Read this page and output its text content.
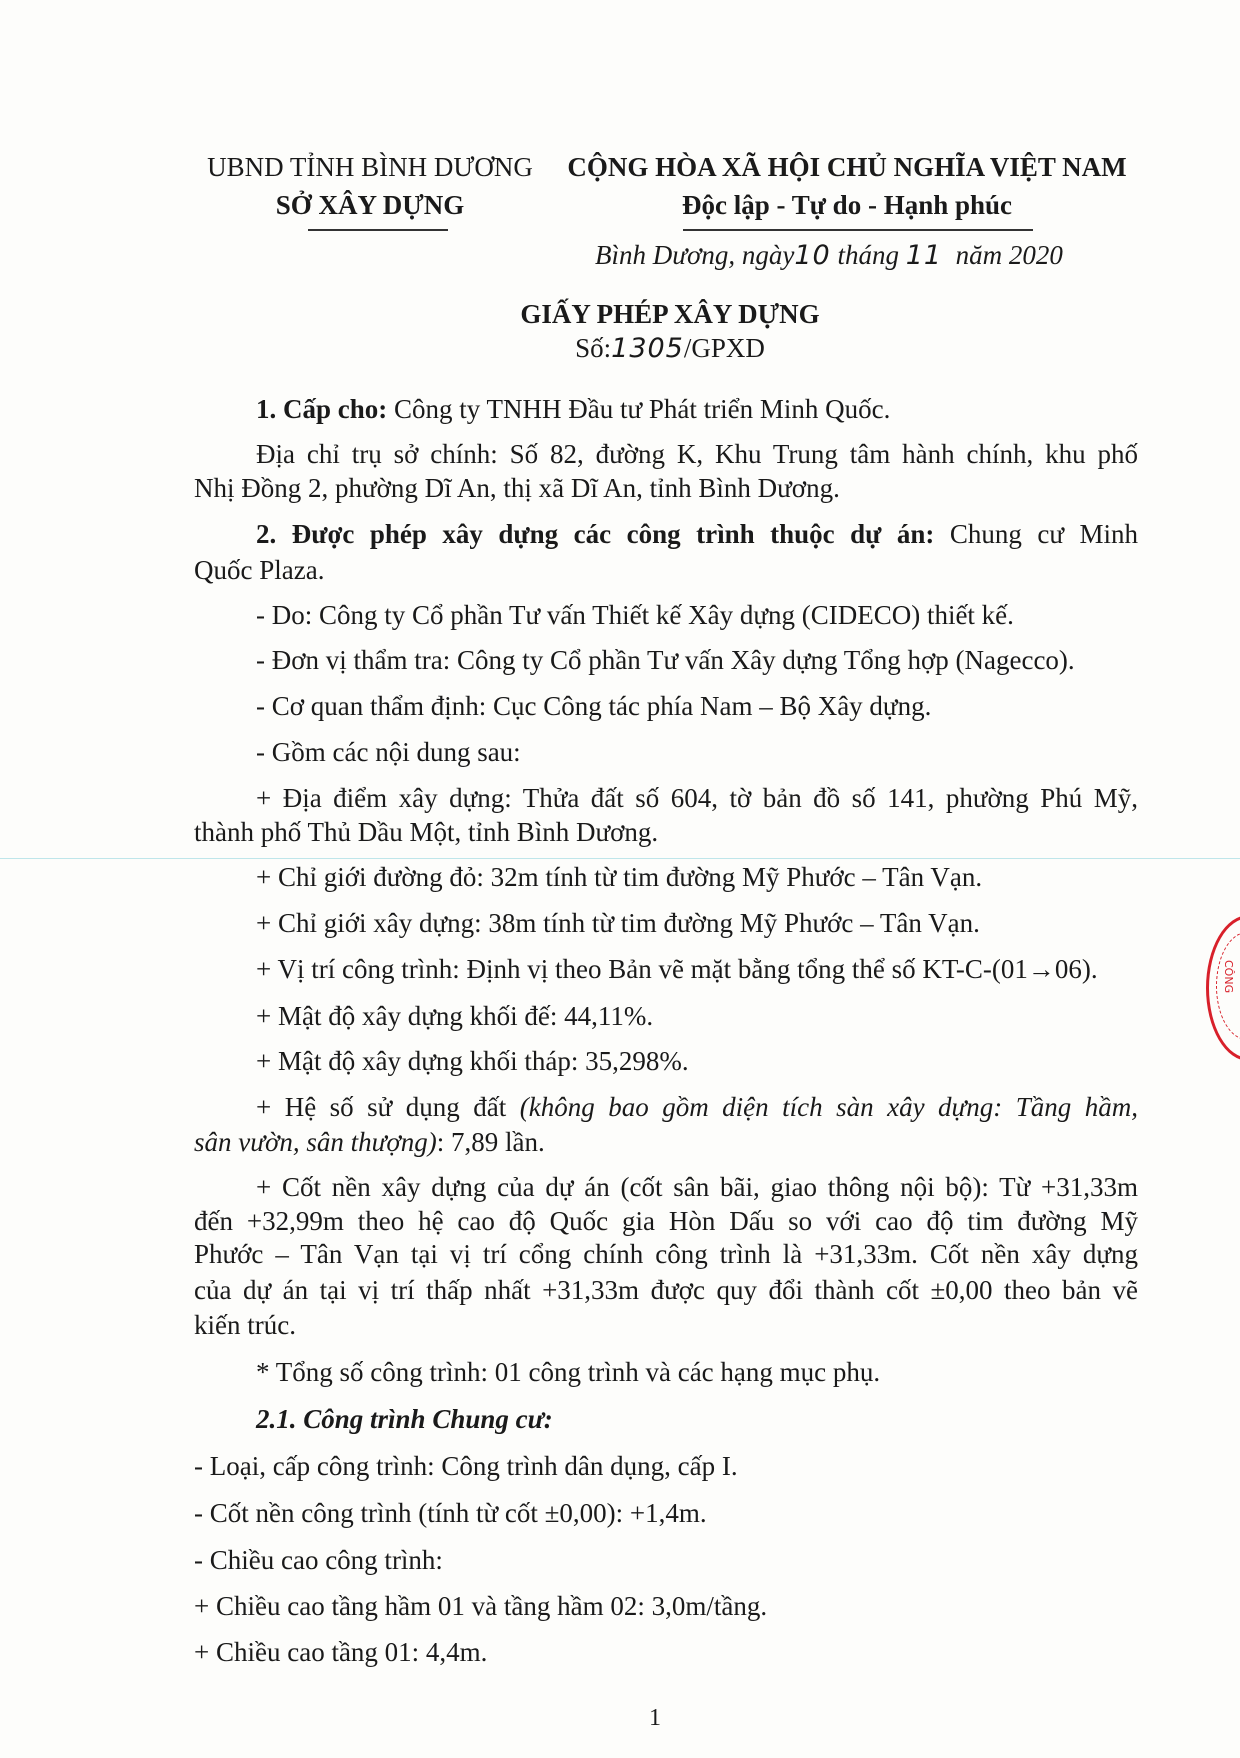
UBND TỈNH BÌNH DƯƠNG
SỞ XÂY DỰNG
CỘNG HÒA XÃ HỘI CHỦ NGHĨA VIỆT NAM
Độc lập - Tự do - Hạnh phúc
Bình Dương, ngày10 tháng 11 năm 2020
GIẤY PHÉP XÂY DỰNG
Số:1305/GPXD
1. Cấp cho: Công ty TNHH Đầu tư Phát triển Minh Quốc.
Địa chỉ trụ sở chính: Số 82, đường K, Khu Trung tâm hành chính, khu phố
Nhị Đồng 2, phường Dĩ An, thị xã Dĩ An, tỉnh Bình Dương.
2. Được phép xây dựng các công trình thuộc dự án: Chung cư Minh
Quốc Plaza.
- Do: Công ty Cổ phần Tư vấn Thiết kế Xây dựng (CIDECO) thiết kế.
- Đơn vị thẩm tra: Công ty Cổ phần Tư vấn Xây dựng Tổng hợp (Nagecco).
- Cơ quan thẩm định: Cục Công tác phía Nam – Bộ Xây dựng.
- Gồm các nội dung sau:
+ Địa điểm xây dựng: Thửa đất số 604, tờ bản đồ số 141, phường Phú Mỹ,
thành phố Thủ Dầu Một, tỉnh Bình Dương.
+ Chỉ giới đường đỏ: 32m tính từ tim đường Mỹ Phước – Tân Vạn.
+ Chỉ giới xây dựng: 38m tính từ tim đường Mỹ Phước – Tân Vạn.
+ Vị trí công trình: Định vị theo Bản vẽ mặt bằng tổng thể số KT-C-(01→06).
+ Mật độ xây dựng khối đế: 44,11%.
+ Mật độ xây dựng khối tháp: 35,298%.
+ Hệ số sử dụng đất (không bao gồm diện tích sàn xây dựng: Tầng hầm,
sân vườn, sân thượng): 7,89 lần.
+ Cốt nền xây dựng của dự án (cốt sân bãi, giao thông nội bộ): Từ +31,33m
đến +32,99m theo hệ cao độ Quốc gia Hòn Dấu so với cao độ tim đường Mỹ
Phước – Tân Vạn tại vị trí cổng chính công trình là +31,33m. Cốt nền xây dựng
của dự án tại vị trí thấp nhất +31,33m được quy đổi thành cốt ±0,00 theo bản vẽ
kiến trúc.
* Tổng số công trình: 01 công trình và các hạng mục phụ.
2.1. Công trình Chung cư:
- Loại, cấp công trình: Công trình dân dụng, cấp I.
- Cốt nền công trình (tính từ cốt ±0,00): +1,4m.
- Chiều cao công trình:
+ Chiều cao tầng hầm 01 và tầng hầm 02: 3,0m/tầng.
+ Chiều cao tầng 01: 4,4m.
CÔNG
1
